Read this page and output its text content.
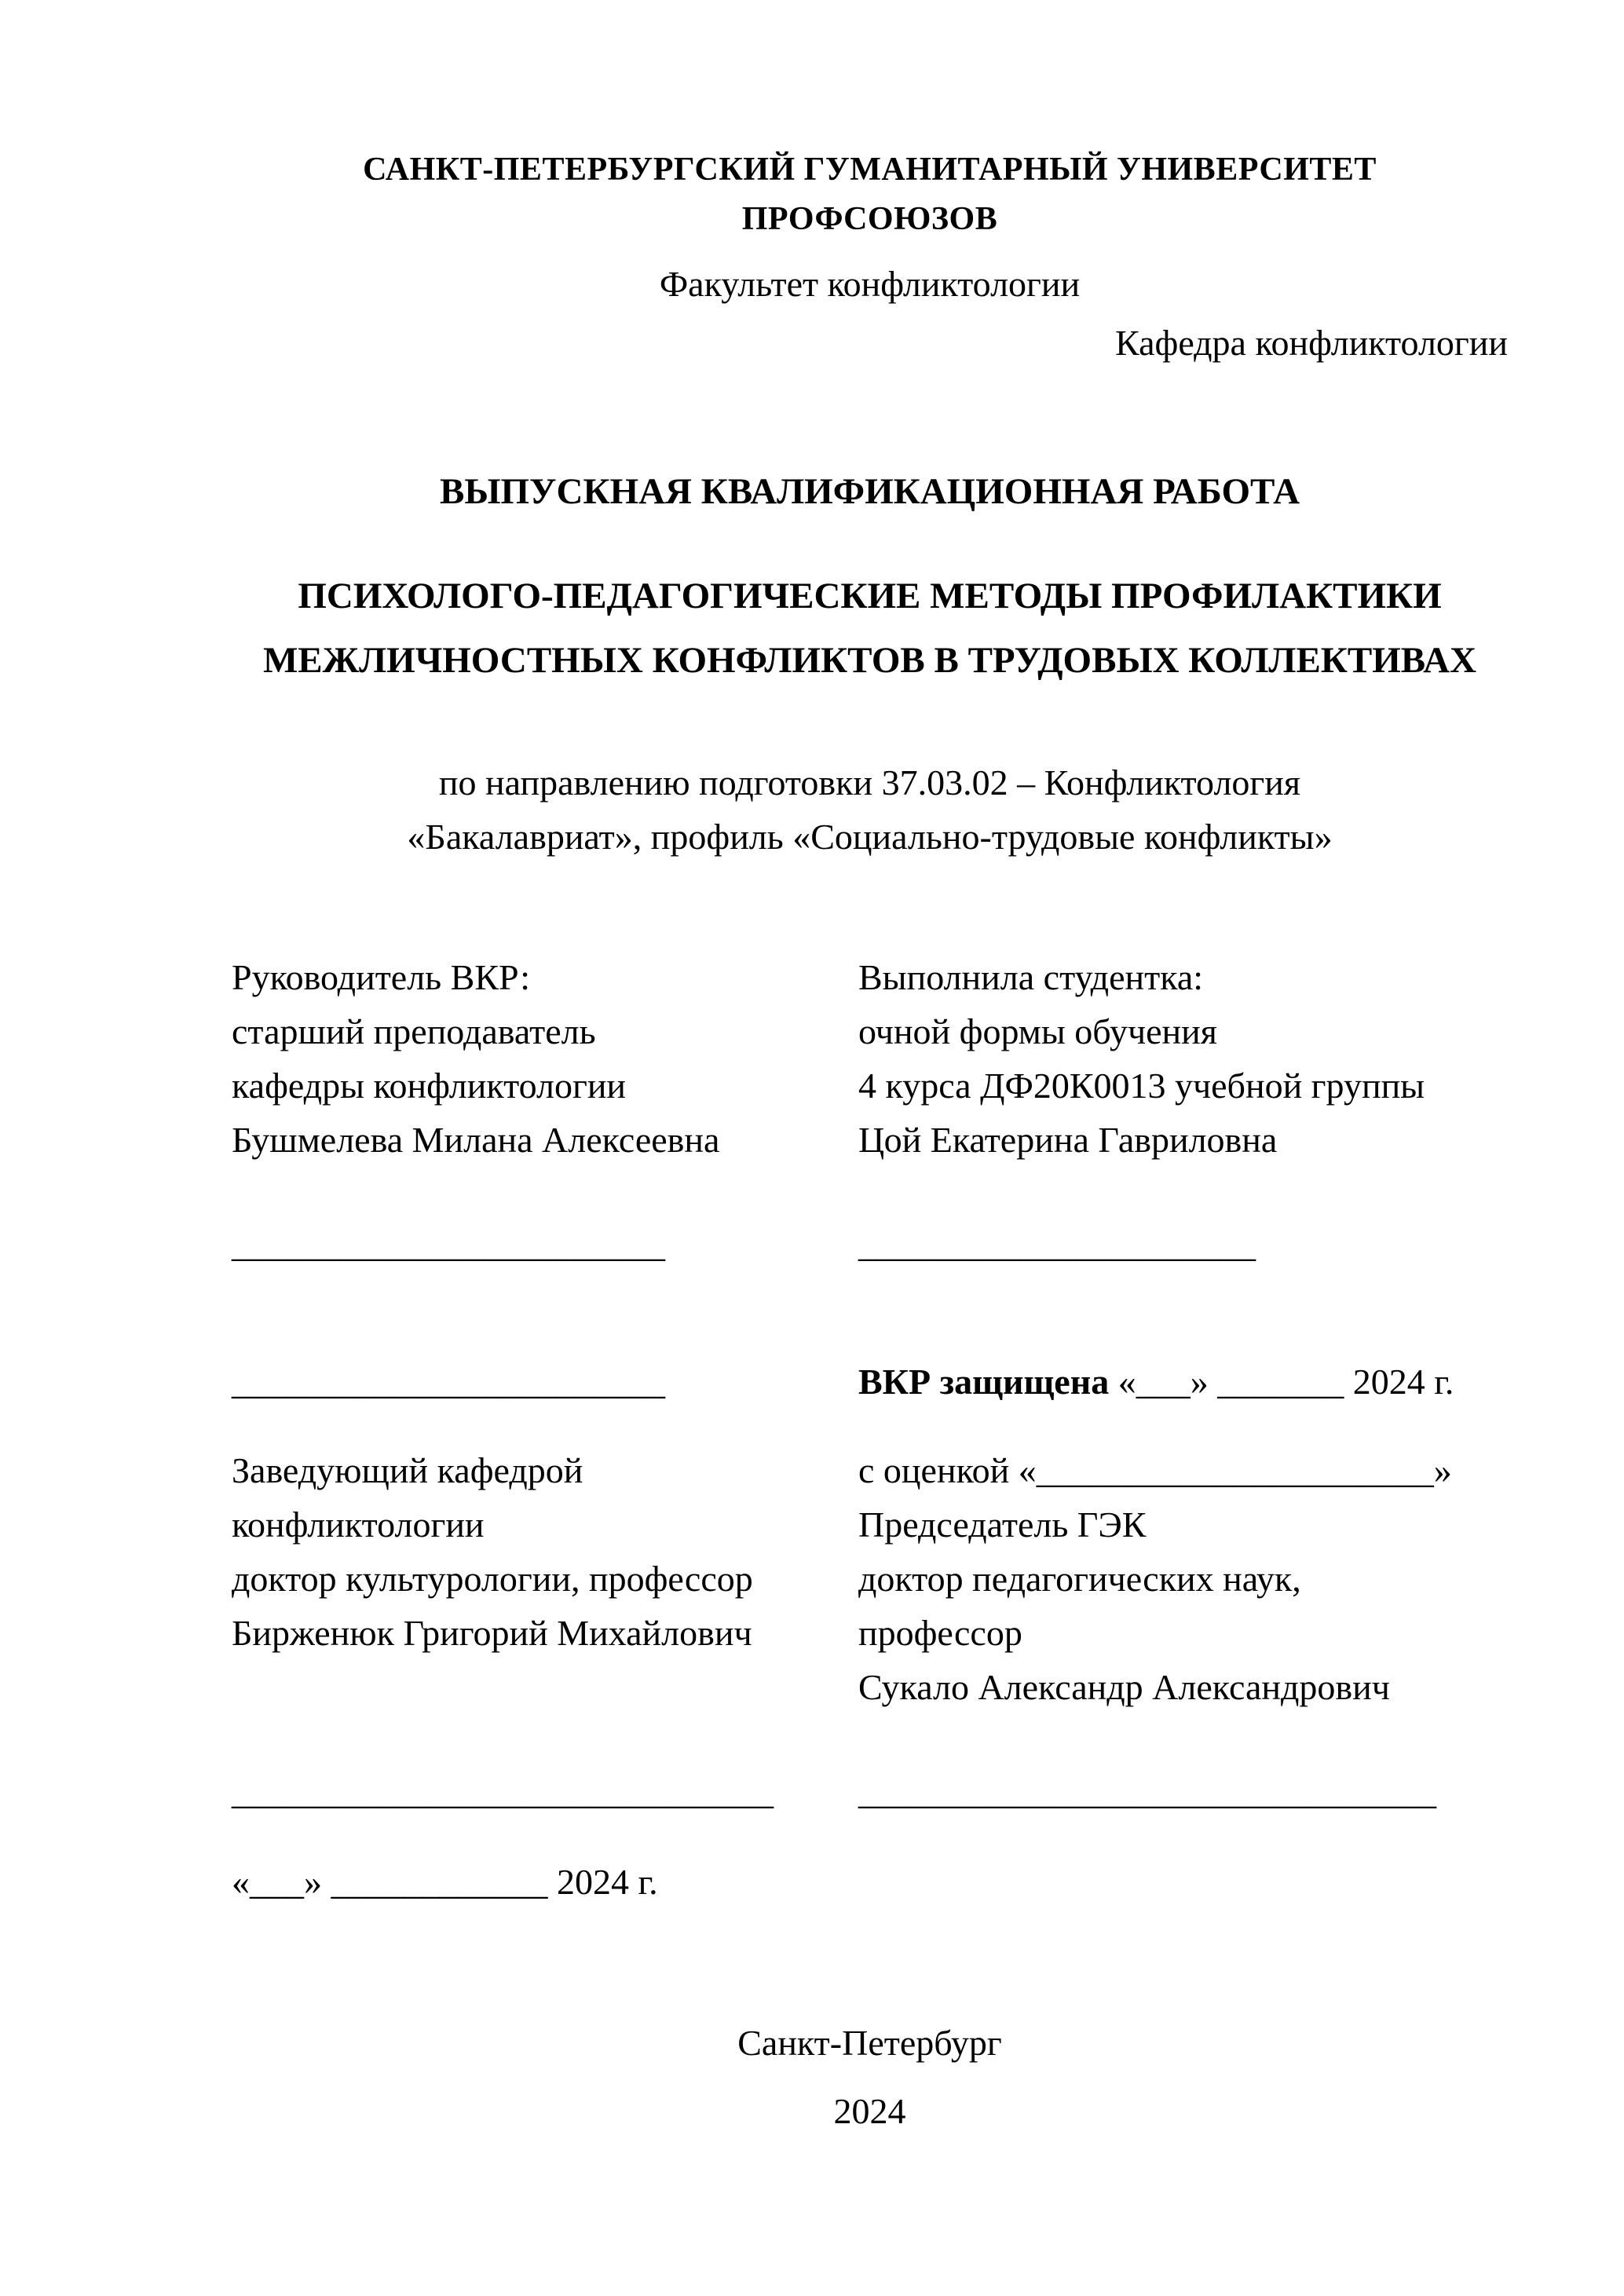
САНКТ-ПЕТЕРБУРГСКИЙ ГУМАНИТАРНЫЙ УНИВЕРСИТЕТ ПРОФСОЮЗОВ
Факультет конфликтологии
Кафедра конфликтологии
ВЫПУСКНАЯ КВАЛИФИКАЦИОННАЯ РАБОТА
ПСИХОЛОГО-ПЕДАГОГИЧЕСКИЕ МЕТОДЫ ПРОФИЛАКТИКИ
МЕЖЛИЧНОСТНЫХ КОНФЛИКТОВ В ТРУДОВЫХ КОЛЛЕКТИВАХ
по направлению подготовки 37.03.02 – Конфликтология
«Бакалавриат», профиль «Социально-трудовые конфликты»
Руководитель ВКР:
старший преподаватель
кафедры конфликтологии
Бушмелева Милана Алексеевна
Выполнила студентка:
очной формы обучения
4 курса ДФ20К0013 учебной группы
Цой Екатерина Гавриловна
________________________	______________________
________________________	ВКР защищена «___» _______ 2024 г.
Заведующий кафедрой
конфликтологии
доктор культурологии, профессор
Бирженюк Григорий Михайлович
с оценкой «______________________»
Председатель ГЭК
доктор педагогических наук,
профессор
Сукало Александр Александрович
______________________________	________________________________
«___» ____________ 2024 г.
Санкт-Петербург
2024
